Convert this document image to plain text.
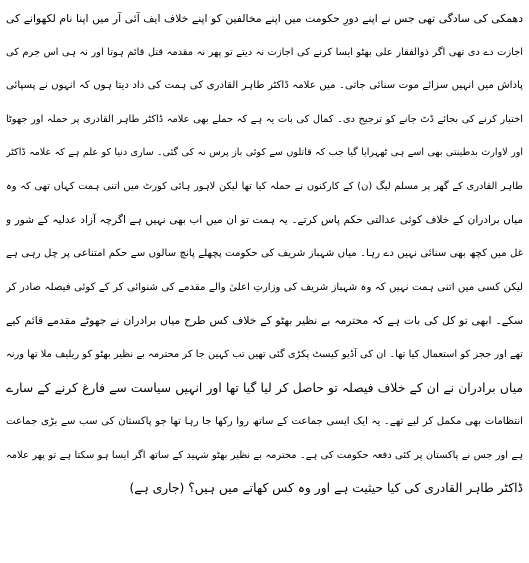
دھمکی کی سادگی تھی جس نے اپنے دورِ حکومت میں اپنے مخالفین کو اپنے خلاف ایف آئی آر میں اپنا نام لکھوانے کی
اجازت دے دی تھی اگر ذوالفقار علی بھٹو ایسا کرنے کی اجازت نہ دیتے تو پھر نہ مقدمہ قتل قائم ہوتا اور نہ ہی اس جرم کی
پاداش میں انہیں سزائے موت سنائی جاتی۔ میں علامہ ڈاکٹر طاہر القادری کی ہمت کی داد دیتا ہوں کہ انہوں نے پسپائی
اختیار کرنے کی بجائے ڈٹ جانے کو ترجیح دی۔ کمال کی بات یہ ہے کہ حملے بھی علامہ ڈاکٹر طاہر القادری پر حملہ اور جھوٹا
اور لاوارث بدطینتی بھی اسے ہی ٹھہرایا گیا جب کہ قاتلوں سے کوئی باز پرس نہ کی گئی۔ ساری دنیا کو علم ہے کہ علامہ ڈاکٹر
طاہر القادری کے گھر پر مسلم لیگ (ن) کے کارکنوں نے حملہ کیا تھا لیکن لاہور ہائی کورٹ میں اتنی ہمت کہاں تھی کہ وہ
میاں برادران کے خلاف کوئی عدالتی حکم پاس کرتے۔ یہ ہمت تو ان میں اب بھی نہیں ہے اگرچہ آزاد عدلیہ کے شور و
غل میں کچھ بھی سنائی نہیں دے رہا۔ میاں شہباز شریف کی حکومت پچھلے پانچ سالوں سے حکم امتناعی پر چل رہی ہے
لیکن کسی میں اتنی ہمت نہیں کہ وہ شہباز شریف کی وزارتِ اعلیٰ والے مقدمے کی شنوائی کر کے کوئی فیصلہ صادر کر
سکے۔ ابھی تو کل کی بات ہے کہ محترمہ بے نظیر بھٹو کے خلاف کس طرح میاں برادران نے جھوٹے مقدمے قائم کیے
تھے اور ججز کو استعمال کیا تھا۔ ان کی آڈیو کیسٹ پکڑی گئی تھیں تب کہیں جا کر محترمہ بے نظیر بھٹو کو ریلیف ملا تھا ورنہ
میاں برادران نے ان کے خلاف فیصلہ تو حاصل کر لیا گیا تھا اور انہیں سیاست سے فارغ کرنے کے سارے
انتظامات بھی مکمل کر لیے تھے۔ یہ ایک ایسی جماعت کے ساتھ روا رکھا جا رہا تھا جو پاکستان کی سب سے بڑی جماعت
ہے اور جس نے پاکستان پر کئی دفعہ حکومت کی ہے۔ محترمہ بے نظیر بھٹو شہید کے ساتھ اگر ایسا ہو سکتا ہے تو پھر علامہ
ڈاکٹر طاہر القادری کی کیا حیثیت ہے اور وہ کس کھاتے میں ہیں؟ (جاری ہے)
